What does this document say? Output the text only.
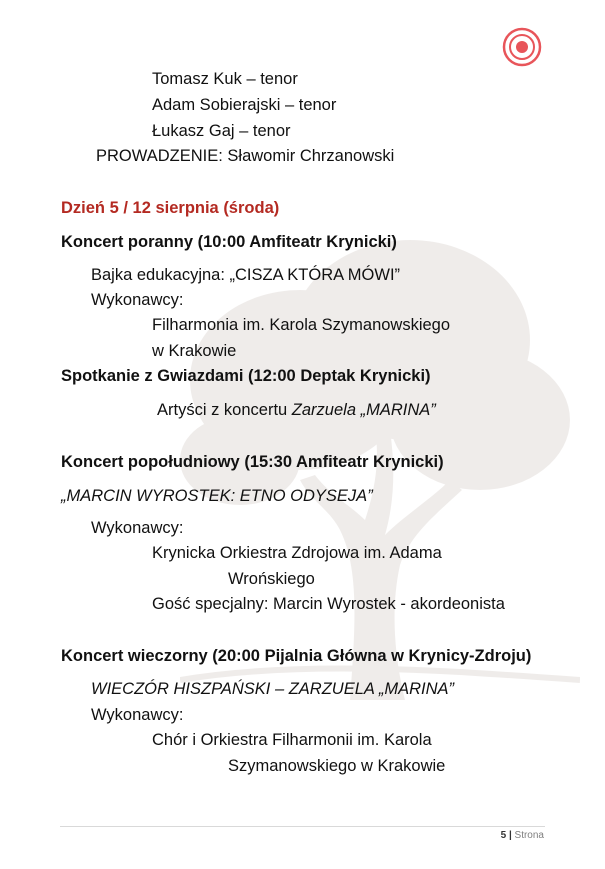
Tomasz Kuk – tenor
Adam Sobierajski – tenor
Łukasz Gaj – tenor
PROWADZENIE: Sławomir Chrzanowski
Dzień 5 / 12 sierpnia (środa)
Koncert poranny (10:00 Amfiteatr Krynicki)
Bajka edukacyjna: „CISZA KTÓRA MÓWI”
Wykonawcy:
Filharmonia im. Karola Szymanowskiego
w Krakowie
Spotkanie z Gwiazdami (12:00 Deptak Krynicki)
Artyści z koncertu Zarzuela „MARINA”
Koncert popołudniowy (15:30 Amfiteatr Krynicki)
„MARCIN WYROSTEK: ETNO ODYSEJA”
Wykonawcy:
Krynicka Orkiestra Zdrojowa im. Adama
Wrońskiego
Gość specjalny: Marcin Wyrostek - akordeonista
Koncert wieczorny (20:00 Pijalnia Główna w Krynicy-Zdroju)
WIECZÓR HISZPAŃSKI – ZARZUELA „MARINA”
Wykonawcy:
Chór i Orkiestra Filharmonii im. Karola
Szymanowskiego w Krakowie
5 | Strona
